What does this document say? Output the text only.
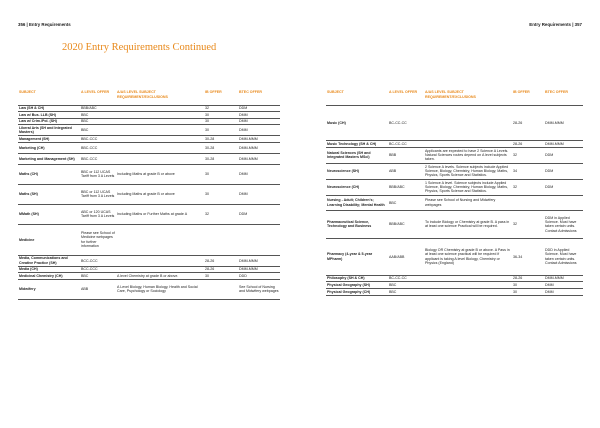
356 | Entry Requirements	Entry Requirements | 357
2020 Entry Requirements Continued
SUBJECT	A LEVEL OFFER	A/AS LEVEL SUBJECT REQUIREMENT/EXCLUSIONS	IB OFFER	BTEC OFFER
Law (SH & CH)	BBB/ABC		32	DDM
Law w/ Bus. LLB (SH)	BBC		30	DMM
Law w/ Crim./Pol. (SH)	BBC		30	DMM
Liberal Arts (SH and Integrated Masters)	BBC		30	DMM
Management (SH)	BBC-CCC		30-28	DMM-MMM
Marketing (CH)	BBC-CCC		30-28	DMM-MMM
Marketing and Management (SH)	BBC-CCC		30-28	DMM-MMM
Maths (CH)	BBC or 112 UCAS Tariff from 3 A Levels	Including Maths at grade B or above	30	DMM
Maths (SH)	BBC or 112 UCAS Tariff from 3 A Levels	Including Maths at grade B or above	30	DMM
MMath (SH)	ABC or 120 UCAS Tariff from 3 A Levels	Including Maths or Further Maths at grade A	32	DDM
Medicine	Please see School of Medicine webpages for further information			
Media, Communications and Creative Practice (SH)	BCC-CCC		28-26	DMM-MMM
Media (CH)	BCC-CCC		28-26	DMM-MMM
Medicinal Chemistry (CH)	BBC	A level Chemistry at grade B or above.	30	DDD
Midwifery	ABB	A Level Biology, Human Biology, Health and Social Care, Psychology or Sociology		See School of Nursing and Midwifery webpages
SUBJECT	A LEVEL OFFER	A/AS LEVEL SUBJECT REQUIREMENT/EXCLUSIONS	IB OFFER	BTEC OFFER
Music (CH)	BC-CC-CC		28-26	DMM-MMM
Music Technology (SH & CH)	BC-CC-CC		28-26	DMM-MMM
Natural Sciences (SH and Integrated Masters MSci)	BBB	Applicants are expected to have 2 Science A Levels. Natural Sciences routes depend on A level subjects taken.	32	DDM
Neuroscience (SH)	ABB	2 Science A levels. Science subjects include Applied Science, Biology, Chemistry, Human Biology, Maths, Physics, Sports Science and Statistics.	34	DDM
Neuroscience (CH)	BBB/ABC	1 Science A level. Science subjects include Applied Science, Biology, Chemistry, Human Biology, Maths, Physics, Sports Science and Statistics.	32	DDM
Nursing - Adult; Children's; Learning Disability; Mental Health	BBC	Please see School of Nursing and Midwifery webpages		
Pharmaceutical Science, Technology and Business	BBB/ABC	To include Biology or Chemistry at grade B. A pass in at least one science Practical will be required.	32	DDM in Applied Science. Must have taken certain units. Contact Admissions
Pharmacy (4-year & 5-year MPharm)	AAB/ABB	Biology OR Chemistry at grade B or above. A Pass in at least one science practical will be required if applicant is taking A level Biology, Chemistry or Physics (England)	36-34	DDD in Applied Science. Must have taken certain units. Contact Admissions
Philosophy (SH & CH)	BC-CC-CC		28-26	DMM-MMM
Physical Geography (SH)	BBC		30	DMM
Physical Geography (CH)	BBC		30	DMM
